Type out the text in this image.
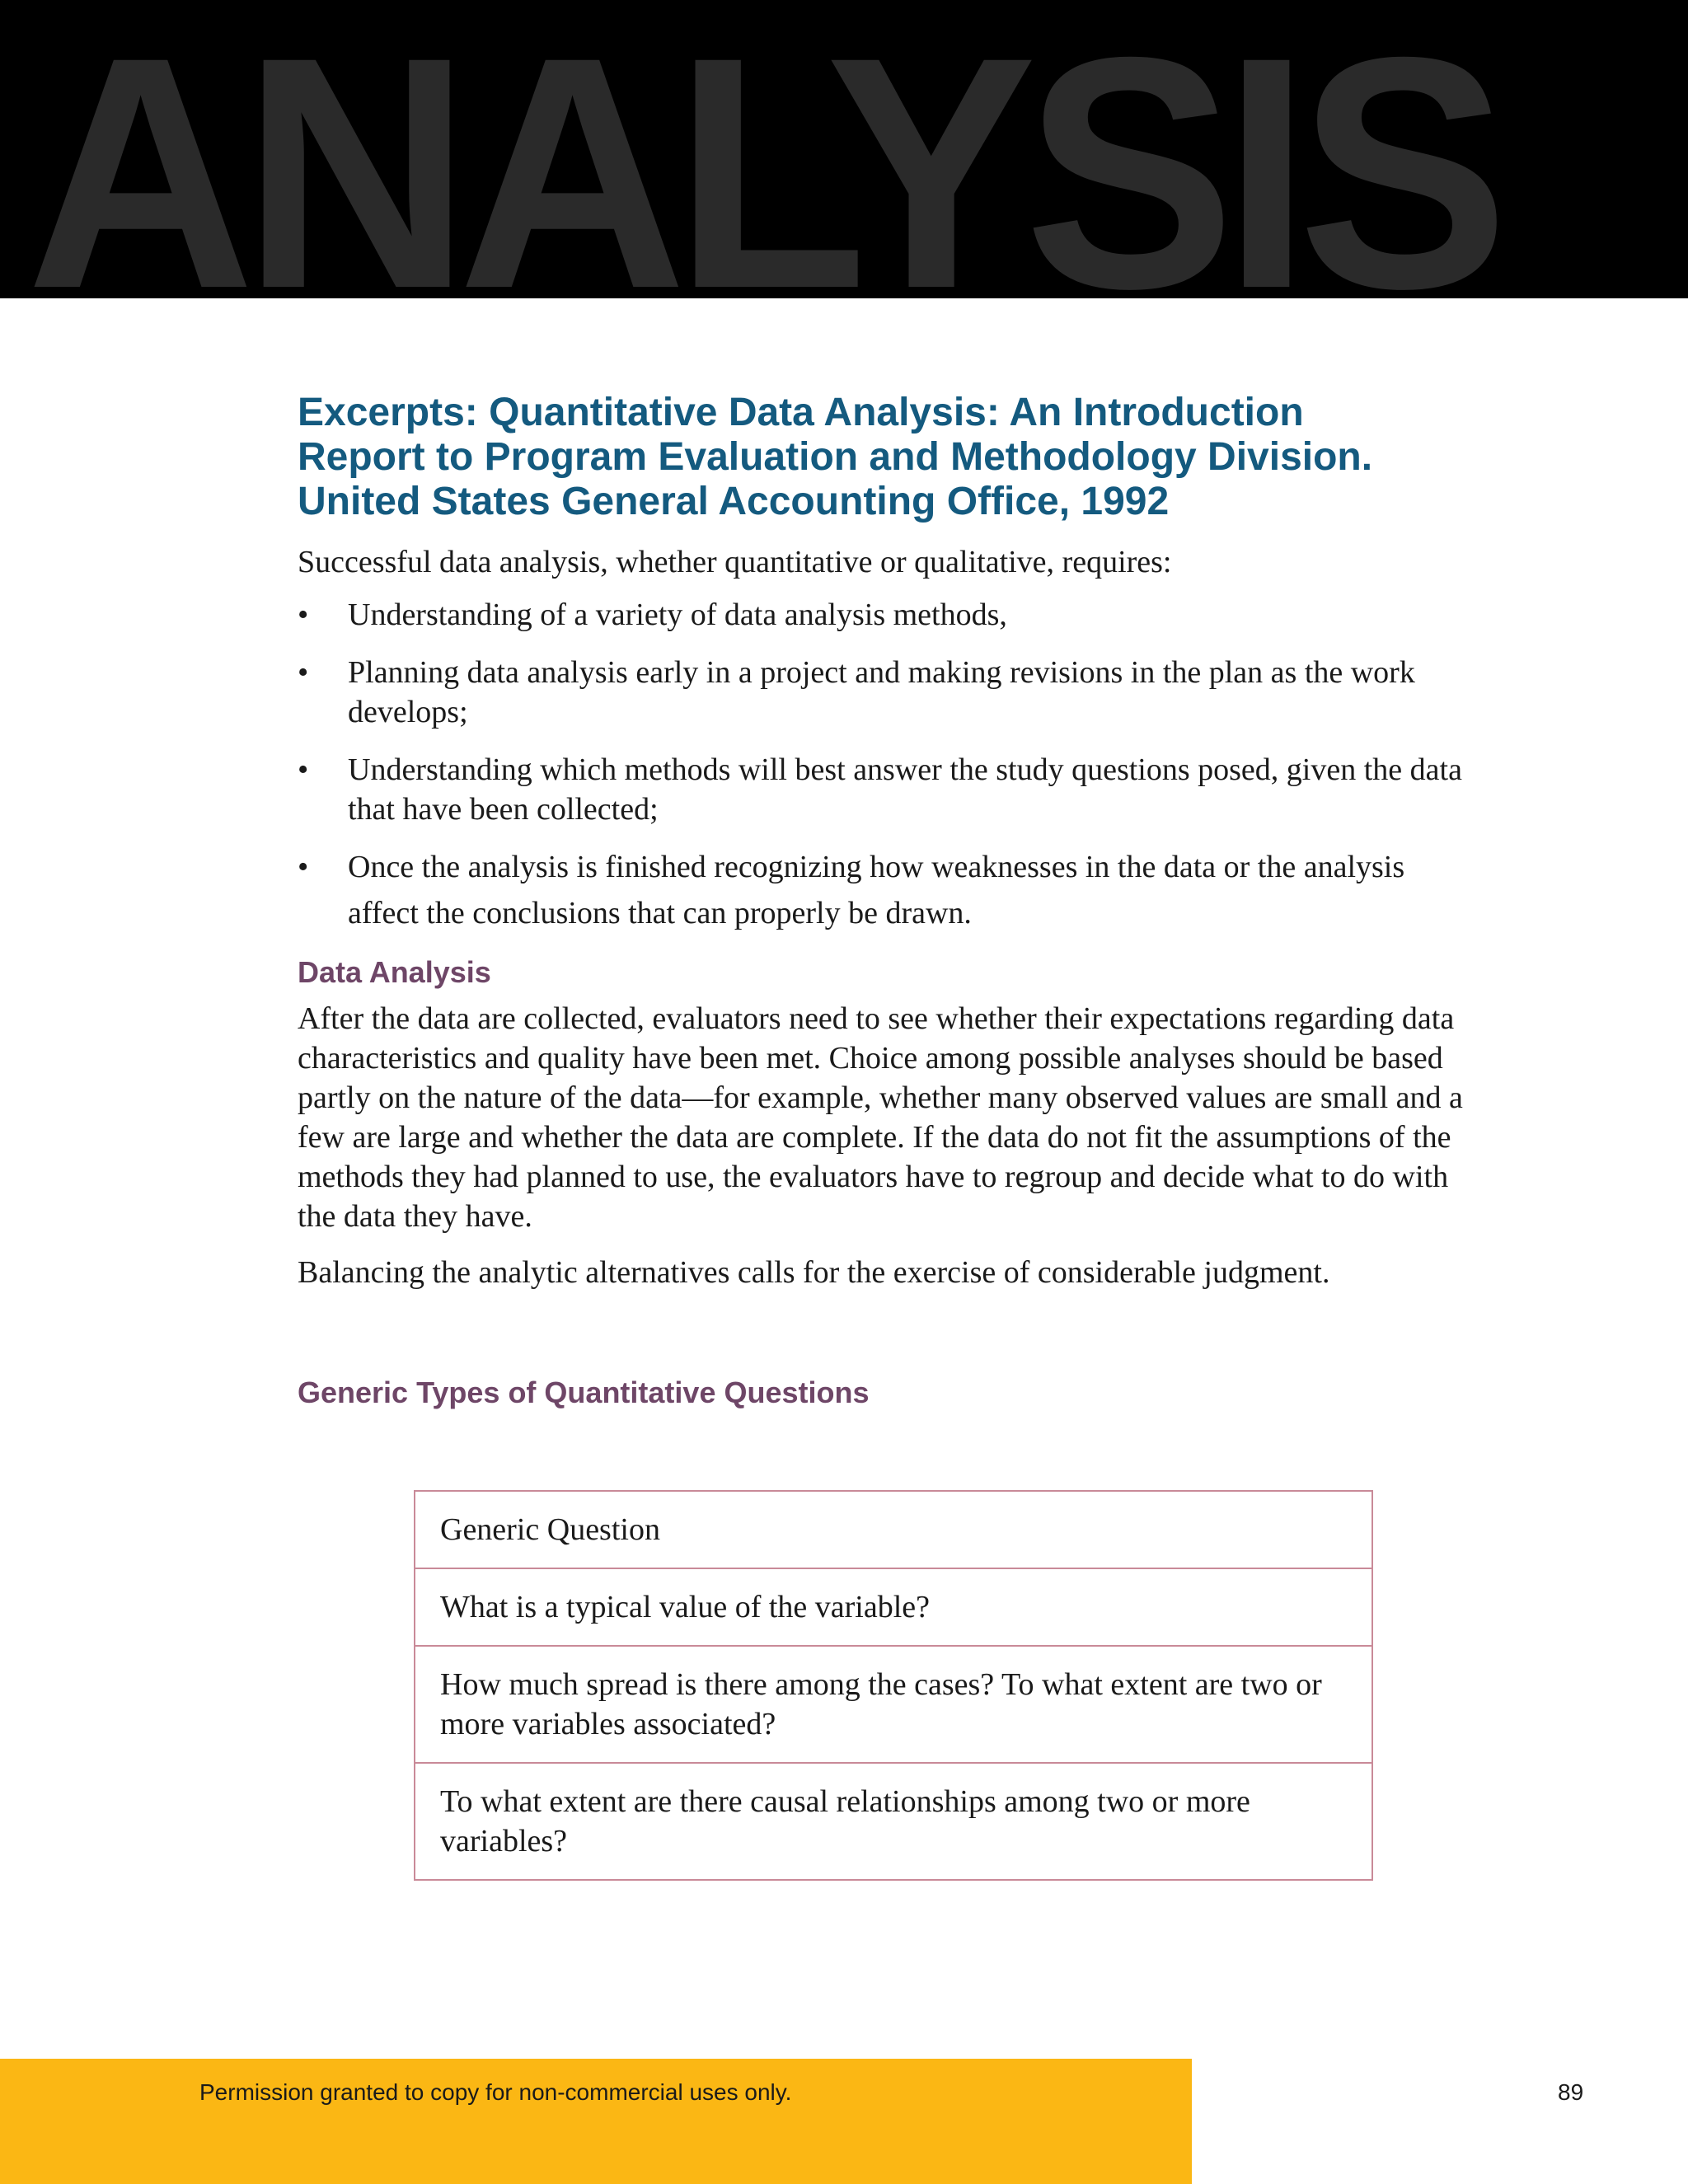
ANALYSIS
Excerpts: Quantitative Data Analysis: An Introduction
Report to Program Evaluation and Methodology Division.
United States General Accounting Office, 1992

Successful data analysis, whether quantitative or qualitative, requires:

• Understanding of a variety of data analysis methods,
• Planning data analysis early in a project and making revisions in the plan as the work develops;
• Understanding which methods will best answer the study questions posed, given the data that have been collected;
• Once the analysis is finished recognizing how weaknesses in the data or the analysis affect the conclusions that can properly be drawn.
Data Analysis

After the data are collected, evaluators need to see whether their expectations regarding data characteristics and quality have been met. Choice among possible analyses should be based partly on the nature of the data—for example, whether many observed values are small and a few are large and whether the data are complete. If the data do not fit the assumptions of the methods they had planned to use, the evaluators have to regroup and decide what to do with the data they have.

Balancing the analytic alternatives calls for the exercise of considerable judgment.

Generic Types of Quantitative Questions
Generic Question
What is a typical value of the variable?
How much spread is there among the cases? To what extent are two or more variables associated?
To what extent are there causal relationships among two or more variables?
Permission granted to copy for non-commercial uses only.	89
